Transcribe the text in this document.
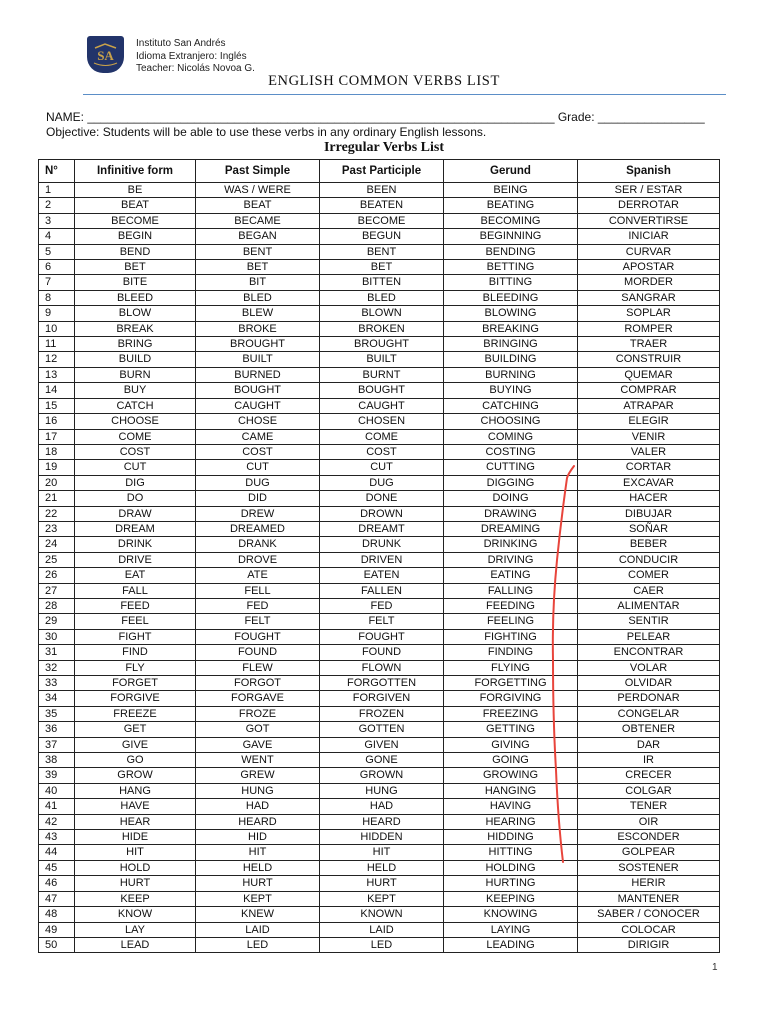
SA
Instituto San Andrés
Idioma Extranjero: Inglés
Teacher: Nicolás Novoa G.
ENGLISH COMMON VERBS LIST
NAME: ______________________________________________________________________ Grade: ________________
Objective: Students will be able to use these verbs in any ordinary English lessons.
Irregular Verbs List
N°	Infinitive form	Past Simple	Past Participle	Gerund	Spanish
1	BE	WAS / WERE	BEEN	BEING	SER / ESTAR
2	BEAT	BEAT	BEATEN	BEATING	DERROTAR
3	BECOME	BECAME	BECOME	BECOMING	CONVERTIRSE
4	BEGIN	BEGAN	BEGUN	BEGINNING	INICIAR
5	BEND	BENT	BENT	BENDING	CURVAR
6	BET	BET	BET	BETTING	APOSTAR
7	BITE	BIT	BITTEN	BITTING	MORDER
8	BLEED	BLED	BLED	BLEEDING	SANGRAR
9	BLOW	BLEW	BLOWN	BLOWING	SOPLAR
10	BREAK	BROKE	BROKEN	BREAKING	ROMPER
11	BRING	BROUGHT	BROUGHT	BRINGING	TRAER
12	BUILD	BUILT	BUILT	BUILDING	CONSTRUIR
13	BURN	BURNED	BURNT	BURNING	QUEMAR
14	BUY	BOUGHT	BOUGHT	BUYING	COMPRAR
15	CATCH	CAUGHT	CAUGHT	CATCHING	ATRAPAR
16	CHOOSE	CHOSE	CHOSEN	CHOOSING	ELEGIR
17	COME	CAME	COME	COMING	VENIR
18	COST	COST	COST	COSTING	VALER
19	CUT	CUT	CUT	CUTTING	CORTAR
20	DIG	DUG	DUG	DIGGING	EXCAVAR
21	DO	DID	DONE	DOING	HACER
22	DRAW	DREW	DROWN	DRAWING	DIBUJAR
23	DREAM	DREAMED	DREAMT	DREAMING	SOÑAR
24	DRINK	DRANK	DRUNK	DRINKING	BEBER
25	DRIVE	DROVE	DRIVEN	DRIVING	CONDUCIR
26	EAT	ATE	EATEN	EATING	COMER
27	FALL	FELL	FALLEN	FALLING	CAER
28	FEED	FED	FED	FEEDING	ALIMENTAR
29	FEEL	FELT	FELT	FEELING	SENTIR
30	FIGHT	FOUGHT	FOUGHT	FIGHTING	PELEAR
31	FIND	FOUND	FOUND	FINDING	ENCONTRAR
32	FLY	FLEW	FLOWN	FLYING	VOLAR
33	FORGET	FORGOT	FORGOTTEN	FORGETTING	OLVIDAR
34	FORGIVE	FORGAVE	FORGIVEN	FORGIVING	PERDONAR
35	FREEZE	FROZE	FROZEN	FREEZING	CONGELAR
36	GET	GOT	GOTTEN	GETTING	OBTENER
37	GIVE	GAVE	GIVEN	GIVING	DAR
38	GO	WENT	GONE	GOING	IR
39	GROW	GREW	GROWN	GROWING	CRECER
40	HANG	HUNG	HUNG	HANGING	COLGAR
41	HAVE	HAD	HAD	HAVING	TENER
42	HEAR	HEARD	HEARD	HEARING	OIR
43	HIDE	HID	HIDDEN	HIDDING	ESCONDER
44	HIT	HIT	HIT	HITTING	GOLPEAR
45	HOLD	HELD	HELD	HOLDING	SOSTENER
46	HURT	HURT	HURT	HURTING	HERIR
47	KEEP	KEPT	KEPT	KEEPING	MANTENER
48	KNOW	KNEW	KNOWN	KNOWING	SABER / CONOCER
49	LAY	LAID	LAID	LAYING	COLOCAR
50	LEAD	LED	LED	LEADING	DIRIGIR
1
